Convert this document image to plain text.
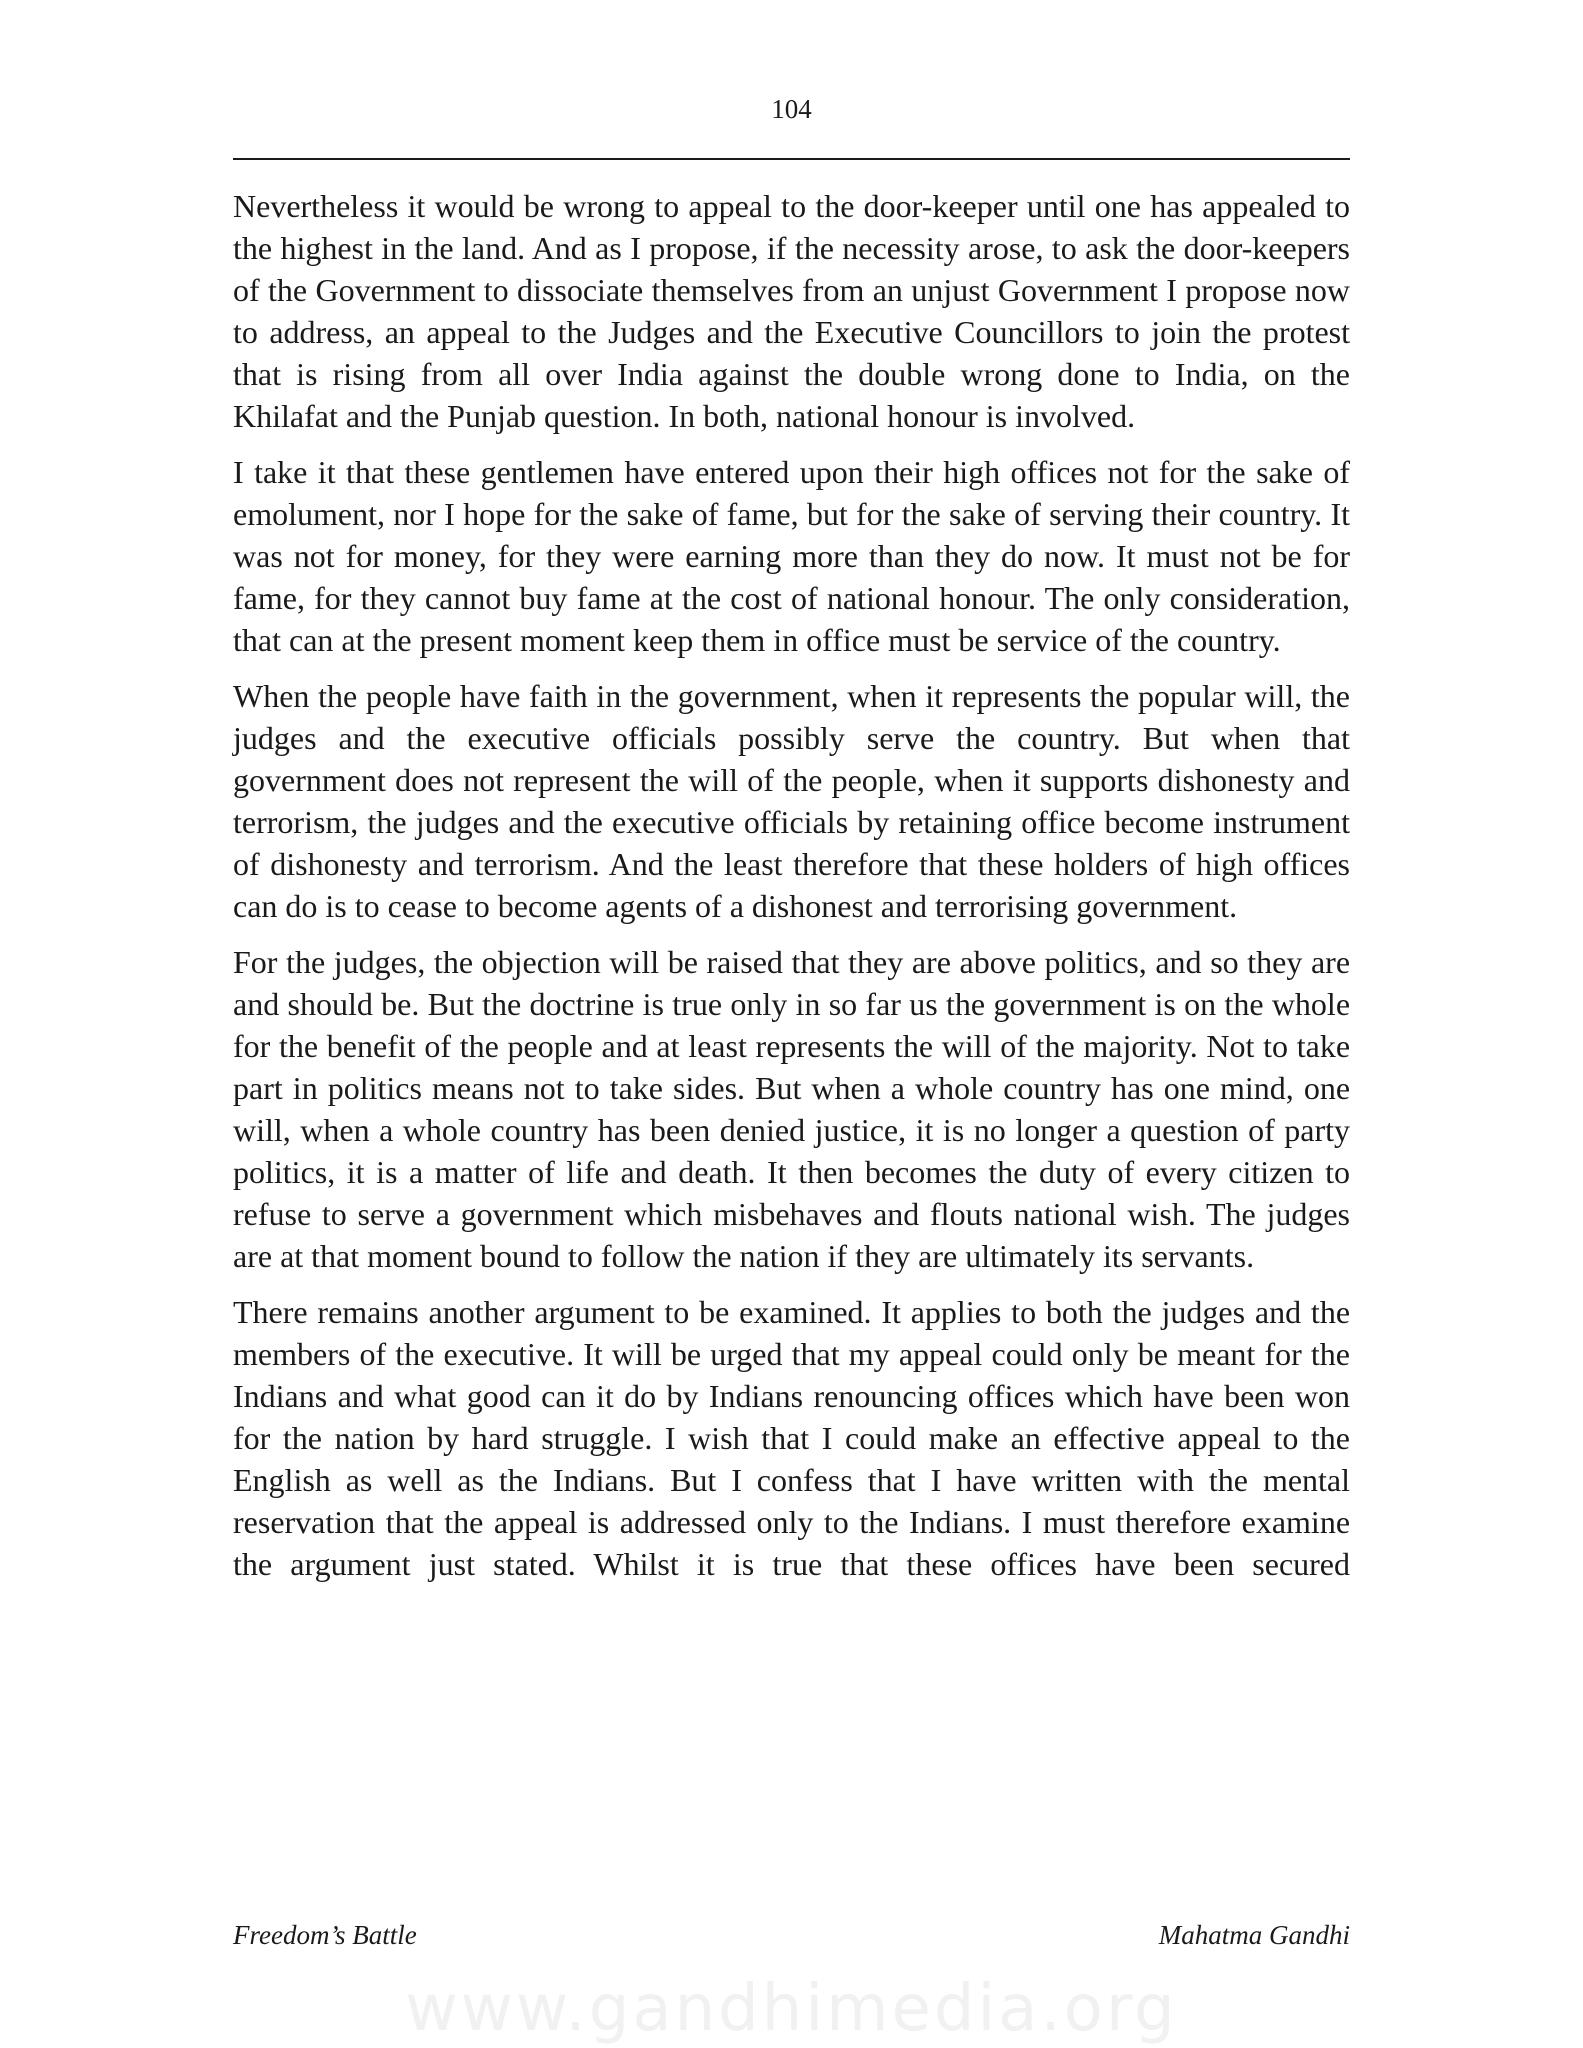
104

Nevertheless it would be wrong to appeal to the door-keeper until one has appealed to the highest in the land. And as I propose, if the necessity arose, to ask the door-keepers of the Government to dissociate themselves from an unjust Government I propose now to address, an appeal to the Judges and the Executive Councillors to join the protest that is rising from all over India against the double wrong done to India, on the Khilafat and the Punjab question. In both, national honour is involved.

I take it that these gentlemen have entered upon their high offices not for the sake of emolument, nor I hope for the sake of fame, but for the sake of serving their country. It was not for money, for they were earning more than they do now. It must not be for fame, for they cannot buy fame at the cost of national honour. The only consideration, that can at the present moment keep them in office must be service of the country.

When the people have faith in the government, when it represents the popular will, the judges and the executive officials possibly serve the country. But when that government does not represent the will of the people, when it supports dishonesty and terrorism, the judges and the executive officials by retaining office become instrument of dishonesty and terrorism. And the least therefore that these holders of high offices can do is to cease to become agents of a dishonest and terrorising government.

For the judges, the objection will be raised that they are above politics, and so they are and should be. But the doctrine is true only in so far us the government is on the whole for the benefit of the people and at least represents the will of the majority. Not to take part in politics means not to take sides. But when a whole country has one mind, one will, when a whole country has been denied justice, it is no longer a question of party politics, it is a matter of life and death. It then becomes the duty of every citizen to refuse to serve a government which misbehaves and flouts national wish. The judges are at that moment bound to follow the nation if they are ultimately its servants.

There remains another argument to be examined. It applies to both the judges and the members of the executive. It will be urged that my appeal could only be meant for the Indians and what good can it do by Indians renouncing offices which have been won for the nation by hard struggle. I wish that I could make an effective appeal to the English as well as the Indians. But I confess that I have written with the mental reservation that the appeal is addressed only to the Indians. I must therefore examine the argument just stated. Whilst it is true that these offices have been secured

Freedom’s Battle	Mahatma Gandhi
www.gandhimedia.org
